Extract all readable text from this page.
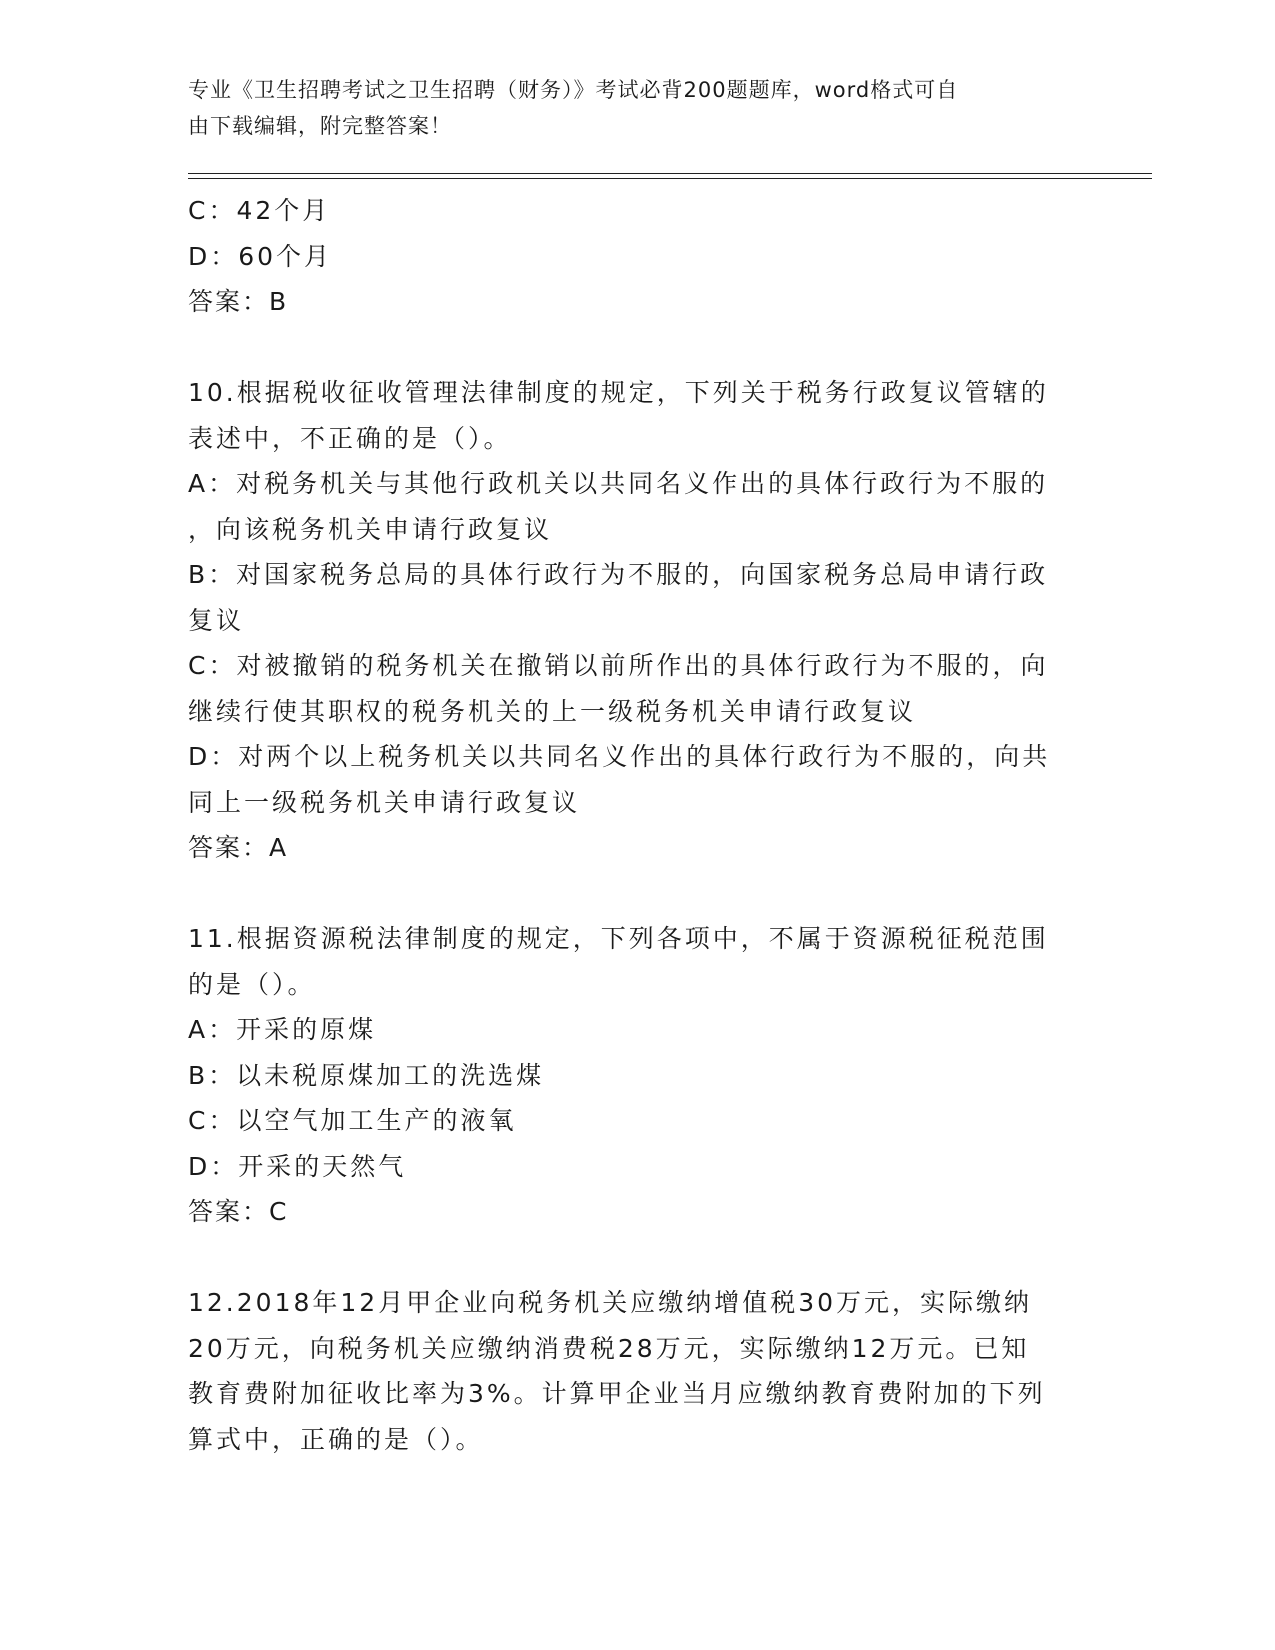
专业《卫生招聘考试之卫生招聘（财务）》考试必背200题题库，word格式可自
由下载编辑，附完整答案！
C：42个月
D：60个月
答案：B
10.根据税收征收管理法律制度的规定，下列关于税务行政复议管辖的
表述中，不正确的是（）。
A：对税务机关与其他行政机关以共同名义作出的具体行政行为不服的
，向该税务机关申请行政复议
B：对国家税务总局的具体行政行为不服的，向国家税务总局申请行政
复议
C：对被撤销的税务机关在撤销以前所作出的具体行政行为不服的，向
继续行使其职权的税务机关的上一级税务机关申请行政复议
D：对两个以上税务机关以共同名义作出的具体行政行为不服的，向共
同上一级税务机关申请行政复议
答案：A
11.根据资源税法律制度的规定，下列各项中，不属于资源税征税范围
的是（）。
A：开采的原煤
B：以未税原煤加工的洗选煤
C：以空气加工生产的液氧
D：开采的天然气
答案：C
12.2018年12月甲企业向税务机关应缴纳增值税30万元，实际缴纳
20万元，向税务机关应缴纳消费税28万元，实际缴纳12万元。已知
教育费附加征收比率为3%。计算甲企业当月应缴纳教育费附加的下列
算式中，正确的是（）。
